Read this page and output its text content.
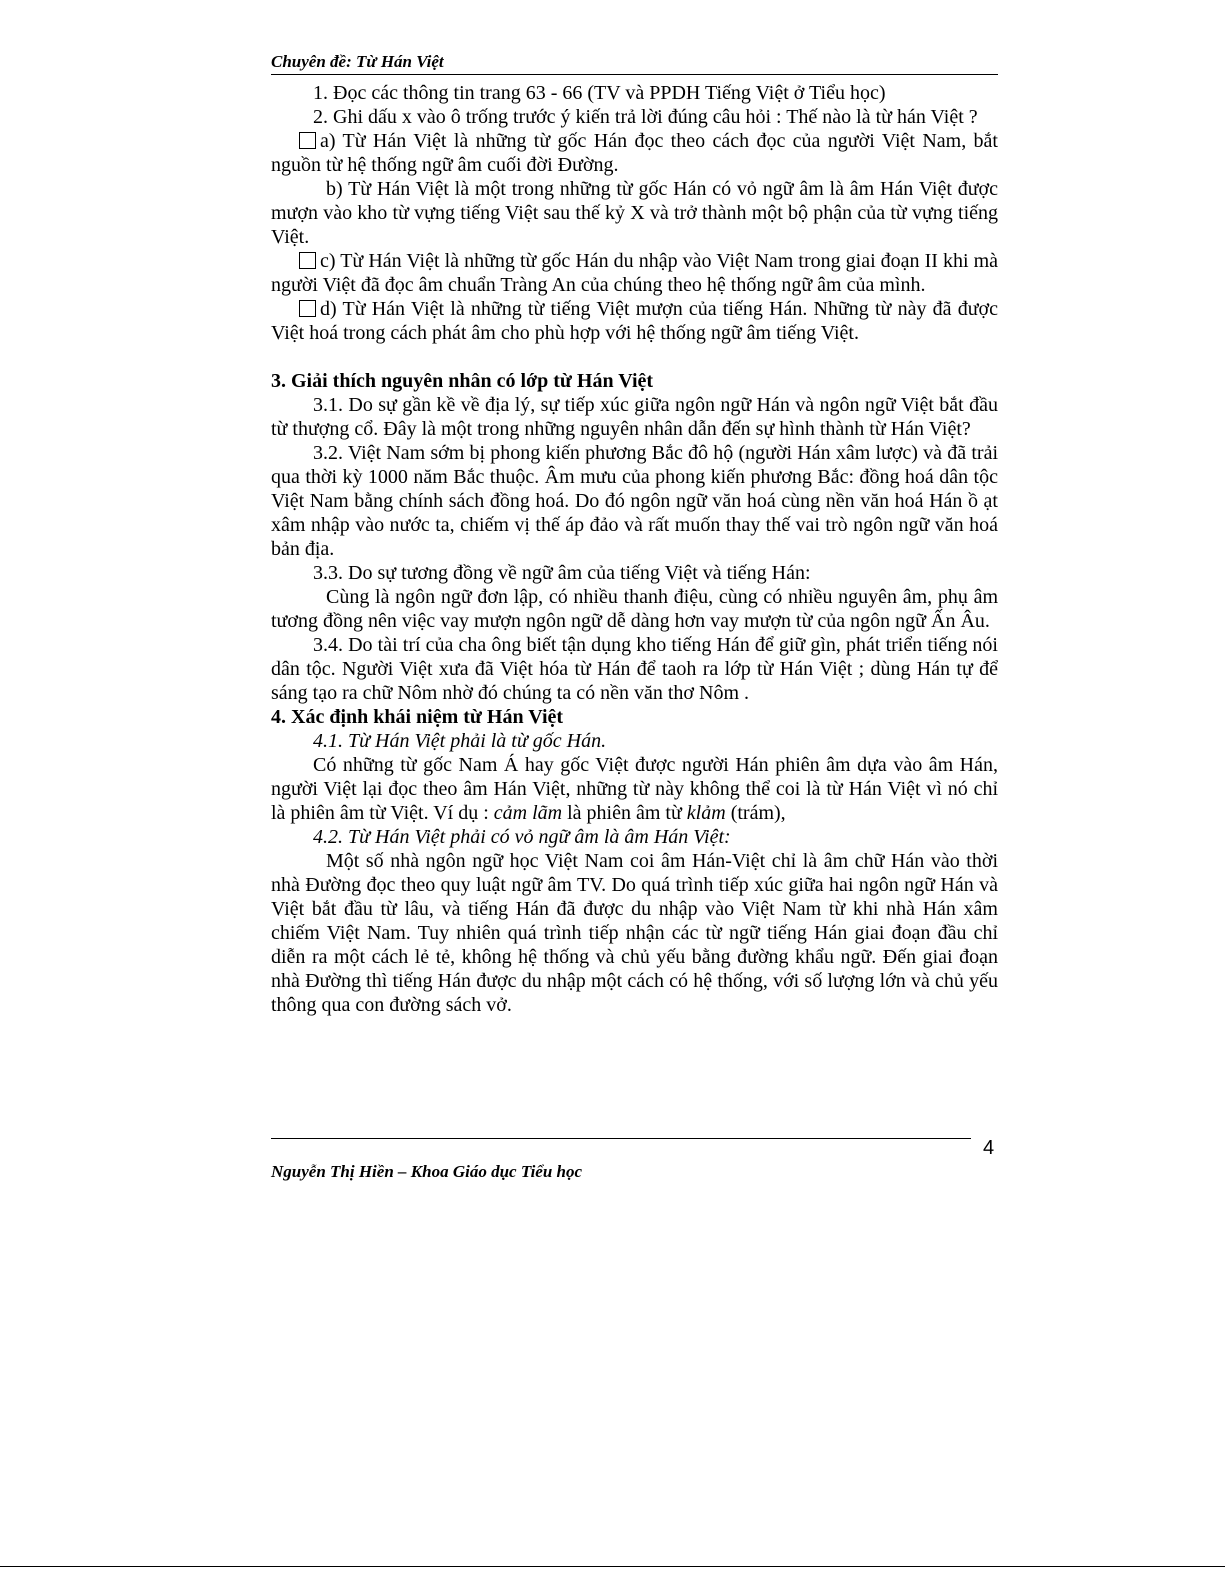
Chuyên đề: Từ Hán Việt

1. Đọc các thông tin trang 63 - 66 (TV và PPDH Tiếng Việt ở Tiểu học)

2. Ghi dấu x vào ô trống trước ý kiến trả lời đúng câu hỏi : Thế nào là từ hán Việt ?

a) Từ Hán Việt là những từ gốc Hán đọc theo cách đọc của người Việt Nam, bắt nguồn từ hệ thống ngữ âm cuối đời Đường.

b) Từ Hán Việt là một trong những từ gốc Hán có vỏ ngữ âm là âm Hán Việt được mượn vào kho từ vựng tiếng Việt sau thế kỷ X và trở thành một bộ phận của từ vựng tiếng Việt.

c) Từ Hán Việt là những từ gốc Hán du nhập vào Việt Nam trong giai đoạn II khi mà người Việt đã đọc âm chuẩn Tràng An của chúng theo hệ thống ngữ âm của mình.

d) Từ Hán Việt là những từ tiếng Việt mượn của tiếng Hán. Những từ này đã được Việt hoá trong cách phát âm cho phù hợp với hệ thống ngữ âm tiếng Việt.

3. Giải thích nguyên nhân có lớp từ Hán Việt

3.1. Do sự gần kề về địa lý, sự tiếp xúc giữa ngôn ngữ Hán và ngôn ngữ Việt bắt đầu từ thượng cổ. Đây là một trong những nguyên nhân dẫn đến sự hình thành từ Hán Việt?

3.2. Việt Nam sớm bị phong kiến phương Bắc đô hộ (người Hán xâm lược) và đã trải qua thời kỳ 1000 năm Bắc thuộc. Âm mưu của phong kiến phương Bắc: đồng hoá dân tộc Việt Nam bằng chính sách đồng hoá. Do đó ngôn ngữ văn hoá cùng nền văn hoá Hán ồ ạt xâm nhập vào nước ta, chiếm vị thế áp đảo và rất muốn thay thế vai trò ngôn ngữ văn hoá bản địa.

3.3. Do sự tương đồng về ngữ âm của tiếng Việt và tiếng Hán:

Cùng là ngôn ngữ đơn lập, có nhiều thanh điệu, cùng có nhiều nguyên âm, phụ âm tương đồng nên việc vay mượn ngôn ngữ dễ dàng hơn vay mượn từ của ngôn ngữ Ấn Âu.

3.4. Do tài trí của cha ông biết tận dụng kho tiếng Hán để giữ gìn, phát triển tiếng nói dân tộc. Người Việt xưa đã Việt hóa từ Hán để taoh ra lớp từ Hán Việt ; dùng Hán tự để sáng tạo ra chữ Nôm nhờ đó chúng ta có nền văn thơ Nôm .

4. Xác định khái niệm từ Hán Việt

4.1. Từ Hán Việt phải là từ gốc Hán.

Có những từ gốc Nam Á hay gốc Việt được người Hán phiên âm dựa vào âm Hán, người Việt lại đọc theo âm Hán Việt, những từ này không thể coi là từ Hán Việt vì nó chỉ là phiên âm từ Việt. Ví dụ : cảm lãm là phiên âm từ klảm (trám),

4.2. Từ Hán Việt phải có vỏ ngữ âm là âm Hán Việt:

Một số nhà ngôn ngữ học Việt Nam coi âm Hán-Việt chỉ là âm chữ Hán vào thời nhà Đường đọc theo quy luật ngữ âm TV. Do quá trình tiếp xúc giữa hai ngôn ngữ Hán và Việt bắt đầu từ lâu, và tiếng Hán đã được du nhập vào Việt Nam từ khi nhà Hán xâm chiếm Việt Nam. Tuy nhiên quá trình tiếp nhận các từ ngữ tiếng Hán giai đoạn đầu chỉ diễn ra một cách lẻ tẻ, không hệ thống và chủ yếu bằng đường khẩu ngữ. Đến giai đoạn nhà Đường thì tiếng Hán được du nhập một cách có hệ thống, với số lượng lớn và chủ yếu thông qua con đường sách vở.

4
Nguyễn Thị Hiền – Khoa Giáo dục Tiểu học
